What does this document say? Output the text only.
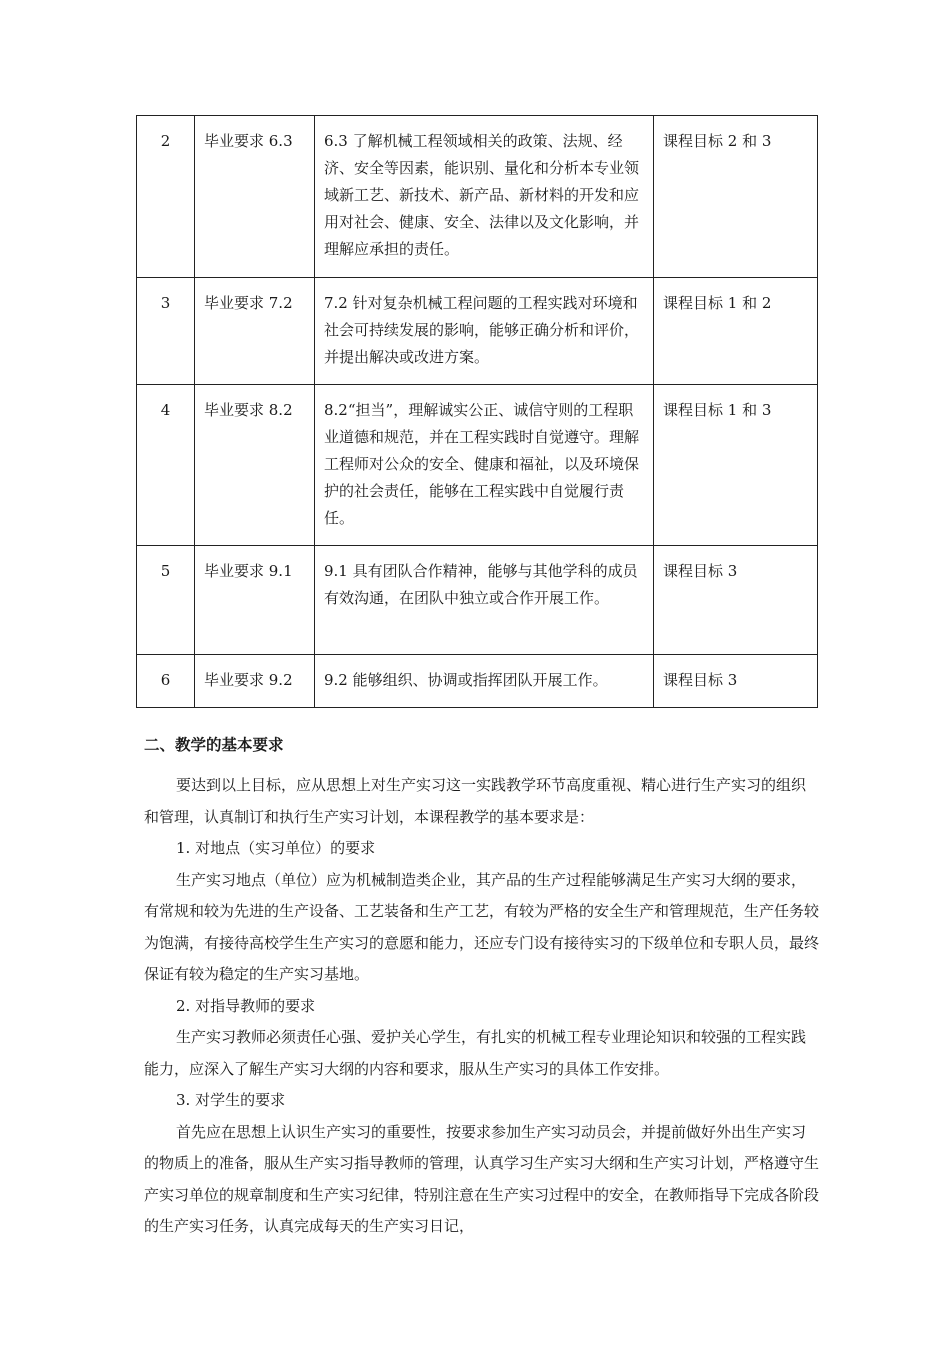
2	毕业要求 6.3	6.3 了解机械工程领域相关的政策、法规、经济、安全等因素，能识别、量化和分析本专业领域新工艺、新技术、新产品、新材料的开发和应用对社会、健康、安全、法律以及文化影响，并理解应承担的责任。	课程目标 2 和 3
3	毕业要求 7.2	7.2 针对复杂机械工程问题的工程实践对环境和社会可持续发展的影响，能够正确分析和评价，并提出解决或改进方案。	课程目标 1 和 2
4	毕业要求 8.2	8.2“担当”，理解诚实公正、诚信守则的工程职业道德和规范，并在工程实践时自觉遵守。理解工程师对公众的安全、健康和福祉，以及环境保护的社会责任，能够在工程实践中自觉履行责任。	课程目标 1 和 3
5	毕业要求 9.1	9.1 具有团队合作精神，能够与其他学科的成员有效沟通，在团队中独立或合作开展工作。	课程目标 3
6	毕业要求 9.2	9.2 能够组织、协调或指挥团队开展工作。	课程目标 3
二、教学的基本要求

要达到以上目标，应从思想上对生产实习这一实践教学环节高度重视、精心进行生产实习的组织和管理，认真制订和执行生产实习计划，本课程教学的基本要求是：

1. 对地点（实习单位）的要求

生产实习地点（单位）应为机械制造类企业，其产品的生产过程能够满足生产实习大纲的要求，有常规和较为先进的生产设备、工艺装备和生产工艺，有较为严格的安全生产和管理规范，生产任务较为饱满，有接待高校学生生产实习的意愿和能力，还应专门设有接待实习的下级单位和专职人员，最终保证有较为稳定的生产实习基地。

2. 对指导教师的要求

生产实习教师必须责任心强、爱护关心学生，有扎实的机械工程专业理论知识和较强的工程实践能力，应深入了解生产实习大纲的内容和要求，服从生产实习的具体工作安排。

3. 对学生的要求

首先应在思想上认识生产实习的重要性，按要求参加生产实习动员会，并提前做好外出生产实习的物质上的准备，服从生产实习指导教师的管理，认真学习生产实习大纲和生产实习计划，严格遵守生产实习单位的规章制度和生产实习纪律，特别注意在生产实习过程中的安全，在教师指导下完成各阶段的生产实习任务，认真完成每天的生产实习日记，
